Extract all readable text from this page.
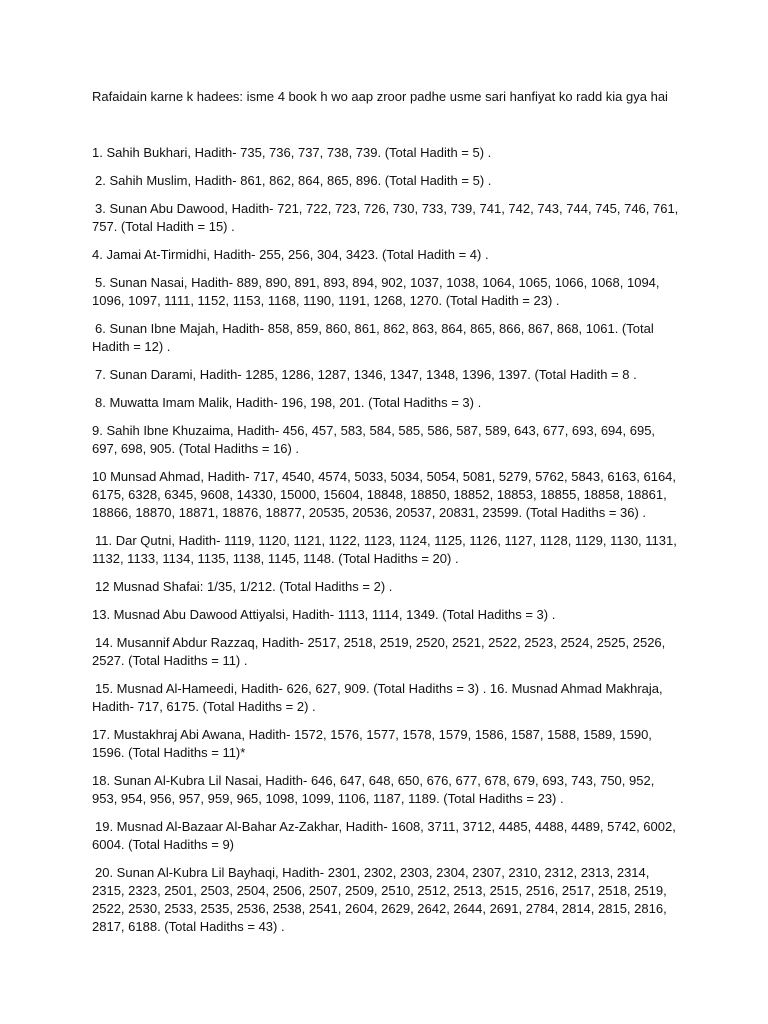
Rafaidain karne k hadees: isme 4 book h wo aap zroor padhe usme sari hanfiyat ko radd kia gya hai

1. Sahih Bukhari, Hadith- 735, 736, 737, 738, 739. (Total Hadith = 5) .

2. Sahih Muslim, Hadith- 861, 862, 864, 865, 896. (Total Hadith = 5) .

3. Sunan Abu Dawood, Hadith- 721, 722, 723, 726, 730, 733, 739, 741, 742, 743, 744, 745, 746, 761, 757. (Total Hadith = 15) .

4. Jamai At-Tirmidhi, Hadith- 255, 256, 304, 3423. (Total Hadith = 4) .

5. Sunan Nasai, Hadith- 889, 890, 891, 893, 894, 902, 1037, 1038, 1064, 1065, 1066, 1068, 1094, 1096, 1097, 1111, 1152, 1153, 1168, 1190, 1191, 1268, 1270. (Total Hadith = 23) .

6. Sunan Ibne Majah, Hadith- 858, 859, 860, 861, 862, 863, 864, 865, 866, 867, 868, 1061. (Total Hadith = 12) .

7. Sunan Darami, Hadith- 1285, 1286, 1287, 1346, 1347, 1348, 1396, 1397. (Total Hadith = 8 .

8. Muwatta Imam Malik, Hadith- 196, 198, 201. (Total Hadiths = 3) .

9. Sahih Ibne Khuzaima, Hadith- 456, 457, 583, 584, 585, 586, 587, 589, 643, 677, 693, 694, 695, 697, 698, 905. (Total Hadiths = 16) .

10 Munsad Ahmad, Hadith- 717, 4540, 4574, 5033, 5034, 5054, 5081, 5279, 5762, 5843, 6163, 6164, 6175, 6328, 6345, 9608, 14330, 15000, 15604, 18848, 18850, 18852, 18853, 18855, 18858, 18861, 18866, 18870, 18871, 18876, 18877, 20535, 20536, 20537, 20831, 23599. (Total Hadiths = 36) .

11. Dar Qutni, Hadith- 1119, 1120, 1121, 1122, 1123, 1124, 1125, 1126, 1127, 1128, 1129, 1130, 1131, 1132, 1133, 1134, 1135, 1138, 1145, 1148. (Total Hadiths = 20) .

12 Musnad Shafai: 1/35, 1/212. (Total Hadiths = 2) .

13. Musnad Abu Dawood Attiyalsi, Hadith- 1113, 1114, 1349. (Total Hadiths = 3) .

14. Musannif Abdur Razzaq, Hadith- 2517, 2518, 2519, 2520, 2521, 2522, 2523, 2524, 2525, 2526, 2527. (Total Hadiths = 11) .

15. Musnad Al-Hameedi, Hadith- 626, 627, 909. (Total Hadiths = 3) . 16. Musnad Ahmad Makhraja, Hadith- 717, 6175. (Total Hadiths = 2) .

17. Mustakhraj Abi Awana, Hadith- 1572, 1576, 1577, 1578, 1579, 1586, 1587, 1588, 1589, 1590, 1596. (Total Hadiths = 11)*

18. Sunan Al-Kubra Lil Nasai, Hadith- 646, 647, 648, 650, 676, 677, 678, 679, 693, 743, 750, 952, 953, 954, 956, 957, 959, 965, 1098, 1099, 1106, 1187, 1189. (Total Hadiths = 23) .

19. Musnad Al-Bazaar Al-Bahar Az-Zakhar, Hadith- 1608, 3711, 3712, 4485, 4488, 4489, 5742, 6002, 6004. (Total Hadiths = 9)

20. Sunan Al-Kubra Lil Bayhaqi, Hadith- 2301, 2302, 2303, 2304, 2307, 2310, 2312, 2313, 2314, 2315, 2323, 2501, 2503, 2504, 2506, 2507, 2509, 2510, 2512, 2513, 2515, 2516, 2517, 2518, 2519, 2522, 2530, 2533, 2535, 2536, 2538, 2541, 2604, 2629, 2642, 2644, 2691, 2784, 2814, 2815, 2816, 2817, 6188. (Total Hadiths = 43) .
